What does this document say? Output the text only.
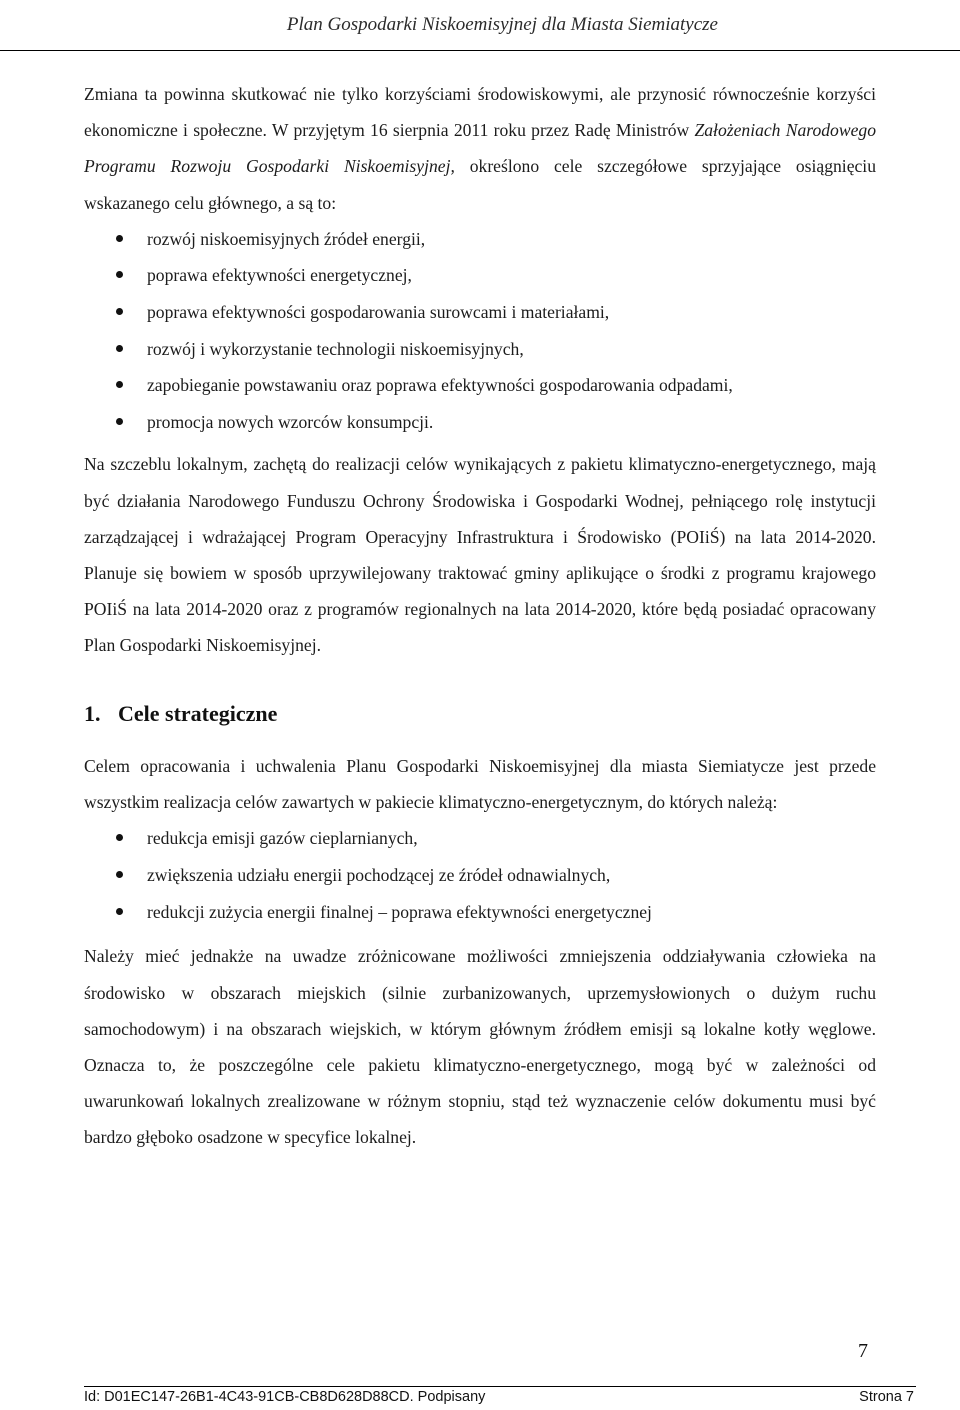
Plan Gospodarki Niskoemisyjnej dla Miasta Siemiatycze

Zmiana ta powinna skutkować nie tylko korzyściami środowiskowymi, ale przynosić równocześnie korzyści ekonomiczne i społeczne. W przyjętym 16 sierpnia 2011 roku przez Radę Ministrów Założeniach Narodowego Programu Rozwoju Gospodarki Niskoemisyjnej, określono cele szczegółowe sprzyjające osiągnięciu wskazanego celu głównego, a są to:

rozwój niskoemisyjnych źródeł energii,
poprawa efektywności energetycznej,
poprawa efektywności gospodarowania surowcami i materiałami,
rozwój i wykorzystanie technologii niskoemisyjnych,
zapobieganie powstawaniu oraz poprawa efektywności gospodarowania odpadami,
promocja nowych wzorców konsumpcji.

Na szczeblu lokalnym, zachętą do realizacji celów wynikających z pakietu klimatyczno-energetycznego, mają być działania Narodowego Funduszu Ochrony Środowiska i Gospodarki Wodnej, pełniącego rolę instytucji zarządzającej i wdrażającej Program Operacyjny Infrastruktura i Środowisko (POIiŚ) na lata 2014-2020. Planuje się bowiem w sposób uprzywilejowany traktować gminy aplikujące o środki z programu krajowego POIiŚ na lata 2014-2020 oraz z programów regionalnych na lata 2014-2020, które będą posiadać opracowany Plan Gospodarki Niskoemisyjnej.

1. Cele strategiczne

Celem opracowania i uchwalenia Planu Gospodarki Niskoemisyjnej dla miasta Siemiatycze jest przede wszystkim realizacja celów zawartych w pakiecie klimatyczno-energetycznym, do których należą:

redukcja emisji gazów cieplarnianych,
zwiększenia udziału energii pochodzącej ze źródeł odnawialnych,
redukcji zużycia energii finalnej – poprawa efektywności energetycznej

Należy mieć jednakże na uwadze zróżnicowane możliwości zmniejszenia oddziaływania człowieka na środowisko w obszarach miejskich (silnie zurbanizowanych, uprzemysłowionych o dużym ruchu samochodowym) i na obszarach wiejskich, w którym głównym źródłem emisji są lokalne kotły węglowe. Oznacza to, że poszczególne cele pakietu klimatyczno-energetycznego, mogą być w zależności od uwarunkowań lokalnych zrealizowane w różnym stopniu, stąd też wyznaczenie celów dokumentu musi być bardzo głęboko osadzone w specyfice lokalnej.

7
Id: D01EC147-26B1-4C43-91CB-CB8D628D88CD. Podpisany	Strona 7
